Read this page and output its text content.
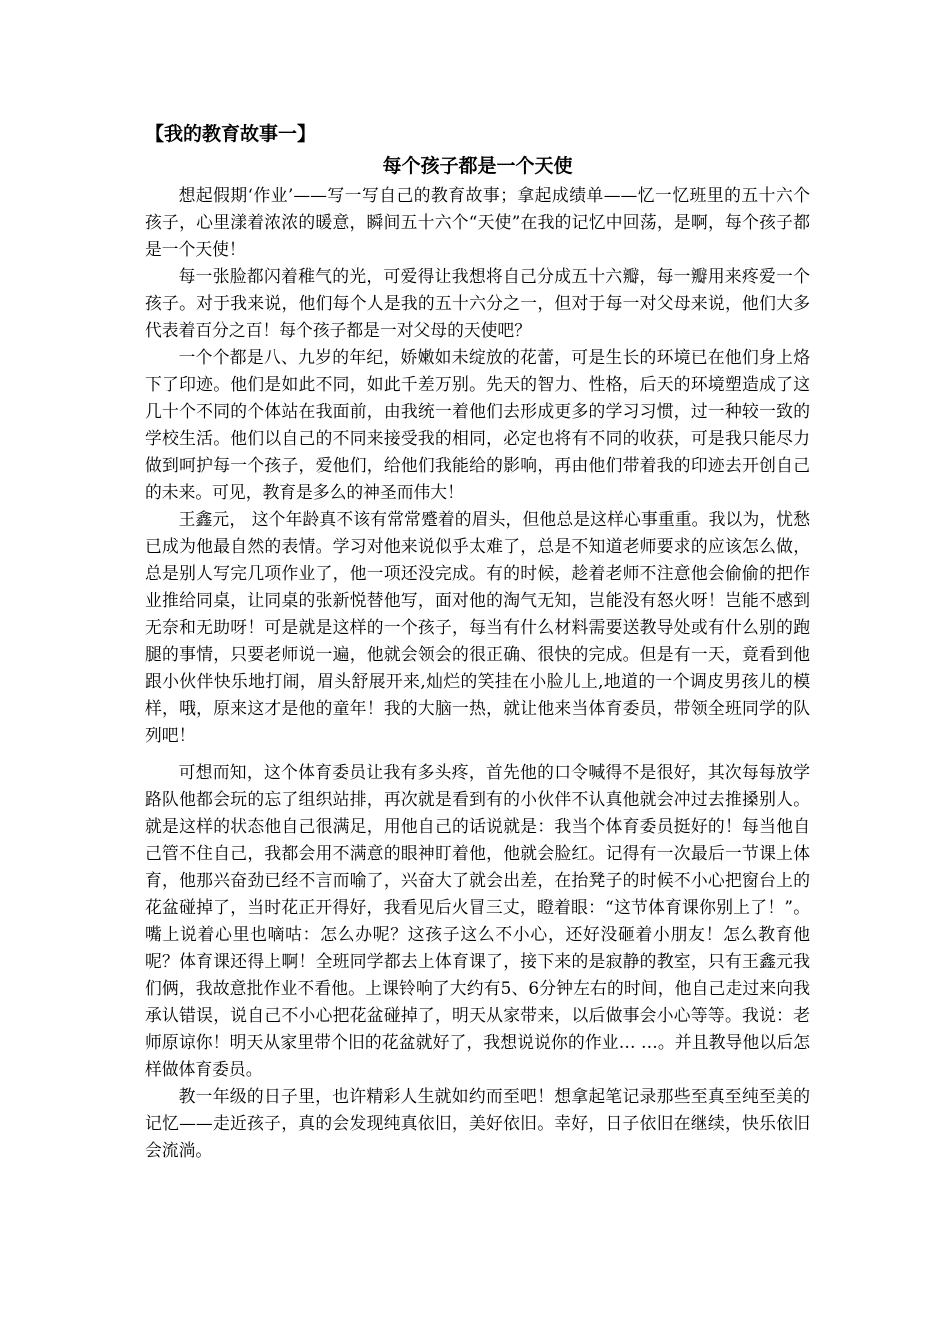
【我的教育故事一】

每个孩子都是一个天使

想起假期‘作业’——写一写自己的教育故事；拿起成绩单——忆一忆班里的五十六个孩子，心里漾着浓浓的暖意，瞬间五十六个“天使”在我的记忆中回荡，是啊，每个孩子都是一个天使！

每一张脸都闪着稚气的光，可爱得让我想将自己分成五十六瓣，每一瓣用来疼爱一个孩子。对于我来说，他们每个人是我的五十六分之一，但对于每一对父母来说，他们大多代表着百分之百！每个孩子都是一对父母的天使吧？

一个个都是八、九岁的年纪，娇嫩如未绽放的花蕾，可是生长的环境已在他们身上烙下了印迹。他们是如此不同，如此千差万别。先天的智力、性格，后天的环境塑造成了这几十个不同的个体站在我面前，由我统一着他们去形成更多的学习习惯，过一种较一致的学校生活。他们以自己的不同来接受我的相同，必定也将有不同的收获，可是我只能尽力做到呵护每一个孩子，爱他们，给他们我能给的影响，再由他们带着我的印迹去开创自己的未来。可见，教育是多么的神圣而伟大！

王鑫元， 这个年龄真不该有常常蹙着的眉头，但他总是这样心事重重。我以为，忧愁已成为他最自然的表情。学习对他来说似乎太难了，总是不知道老师要求的应该怎么做，总是别人写完几项作业了，他一项还没完成。有的时候，趁着老师不注意他会偷偷的把作业推给同桌，让同桌的张新悦替他写，面对他的淘气无知，岂能没有怒火呀！岂能不感到无奈和无助呀！可是就是这样的一个孩子，每当有什么材料需要送教导处或有什么别的跑腿的事情，只要老师说一遍，他就会领会的很正确、很快的完成。但是有一天，竟看到他跟小伙伴快乐地打闹，眉头舒展开来,灿烂的笑挂在小脸儿上,地道的一个调皮男孩儿的模样，哦，原来这才是他的童年！我的大脑一热，就让他来当体育委员，带领全班同学的队列吧！

可想而知，这个体育委员让我有多头疼，首先他的口令喊得不是很好，其次每每放学路队他都会玩的忘了组织站排，再次就是看到有的小伙伴不认真他就会冲过去推搡别人。就是这样的状态他自己很满足，用他自己的话说就是：我当个体育委员挺好的！每当他自己管不住自己，我都会用不满意的眼神盯着他，他就会脸红。记得有一次最后一节课上体育，他那兴奋劲已经不言而喻了，兴奋大了就会出差，在抬凳子的时候不小心把窗台上的花盆碰掉了，当时花正开得好，我看见后火冒三丈，瞪着眼：“这节体育课你别上了！”。嘴上说着心里也嘀咕：怎么办呢？这孩子这么不小心，还好没砸着小朋友！怎么教育他呢？体育课还得上啊！全班同学都去上体育课了，接下来的是寂静的教室，只有王鑫元我们俩，我故意批作业不看他。上课铃响了大约有5、6分钟左右的时间，他自己走过来向我承认错误，说自己不小心把花盆碰掉了，明天从家带来，以后做事会小心等等。我说：老师原谅你！明天从家里带个旧的花盆就好了，我想说说你的作业… …。并且教导他以后怎样做体育委员。

教一年级的日子里，也许精彩人生就如约而至吧！想拿起笔记录那些至真至纯至美的记忆——走近孩子，真的会发现纯真依旧，美好依旧。幸好，日子依旧在继续，快乐依旧会流淌。
